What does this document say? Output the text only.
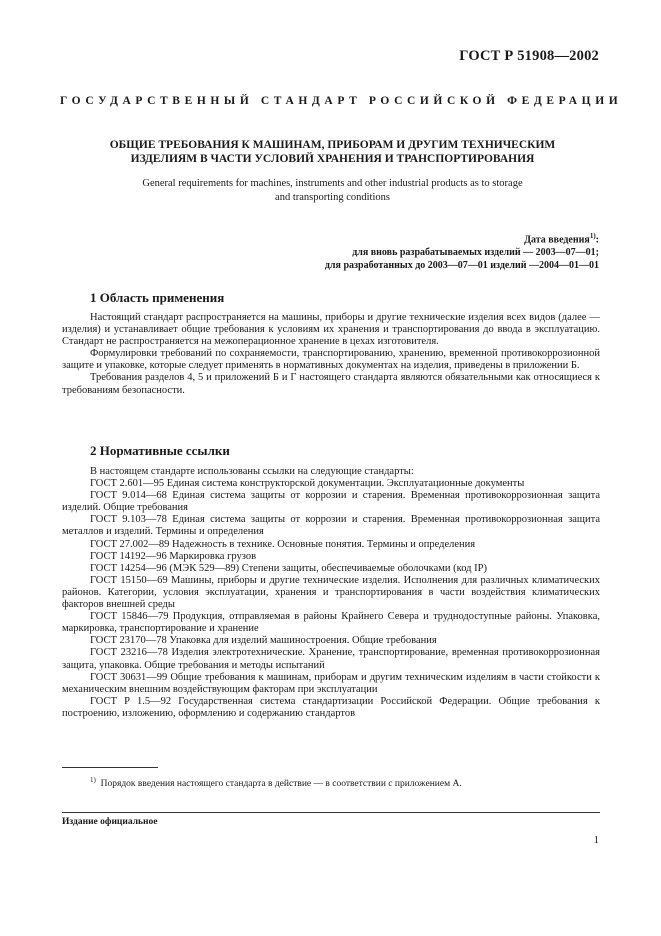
ГОСТ Р 51908—2002
ГОСУДАРСТВЕННЫЙ СТАНДАРТ РОССИЙСКОЙ ФЕДЕРАЦИИ
ОБЩИЕ ТРЕБОВАНИЯ К МАШИНАМ, ПРИБОРАМ И ДРУГИМ ТЕХНИЧЕСКИМ
ИЗДЕЛИЯМ В ЧАСТИ УСЛОВИЙ ХРАНЕНИЯ И ТРАНСПОРТИРОВАНИЯ
General requirements for machines, instruments and other industrial products as to storage
and transporting conditions
Дата введения$^{1)}$:
для вновь разрабатываемых изделий — 2003—07—01;
для разработанных до 2003—07—01 изделий —2004—01—01
1 Область применения

Настоящий стандарт распространяется на машины, приборы и другие технические изделия всех видов (далее — изделия) и устанавливает общие требования к условиям их хранения и транспортирования до ввода в эксплуатацию. Стандарт не распространяется на межоперационное хранение в цехах изготовителя.

Формулировки требований по сохраняемости, транспортированию, хранению, временной противокоррозионной защите и упаковке, которые следует применять в нормативных документах на изделия, приведены в приложении Б.

Требования разделов 4, 5 и приложений Б и Г настоящего стандарта являются обязательными как относящиеся к требованиям безопасности.

2 Нормативные ссылки

В настоящем стандарте использованы ссылки на следующие стандарты:

ГОСТ 2.601—95 Единая система конструкторской документации. Эксплуатационные документы

ГОСТ 9.014—68 Единая система защиты от коррозии и старения. Временная противокоррозионная защита изделий. Общие требования

ГОСТ 9.103—78 Единая система защиты от коррозии и старения. Временная противокоррозионная защита металлов и изделий. Термины и определения

ГОСТ 27.002—89 Надежность в технике. Основные понятия. Термины и определения

ГОСТ 14192—96 Маркировка грузов

ГОСТ 14254—96 (МЭК 529—89) Степени защиты, обеспечиваемые оболочками (код IP)

ГОСТ 15150—69 Машины, приборы и другие технические изделия. Исполнения для различных климатических районов. Категории, условия эксплуатации, хранения и транспортирования в части воздействия климатических факторов внешней среды

ГОСТ 15846—79 Продукция, отправляемая в районы Крайнего Севера и труднодоступные районы. Упаковка, маркировка, транспортирование и хранение

ГОСТ 23170—78 Упаковка для изделий машиностроения. Общие требования

ГОСТ 23216—78 Изделия электротехнические. Хранение, транспортирование, временная противокоррозионная защита, упаковка. Общие требования и методы испытаний

ГОСТ 30631—99 Общие требования к машинам, приборам и другим техническим изделиям в части стойкости к механическим внешним воздействующим факторам при эксплуатации

ГОСТ Р 1.5—92 Государственная система стандартизации Российской Федерации. Общие требования к построению, изложению, оформлению и содержанию стандартов

$^{1)}$ Порядок введения настоящего стандарта в действие — в соответствии с приложением А.
Издание официальное
1
